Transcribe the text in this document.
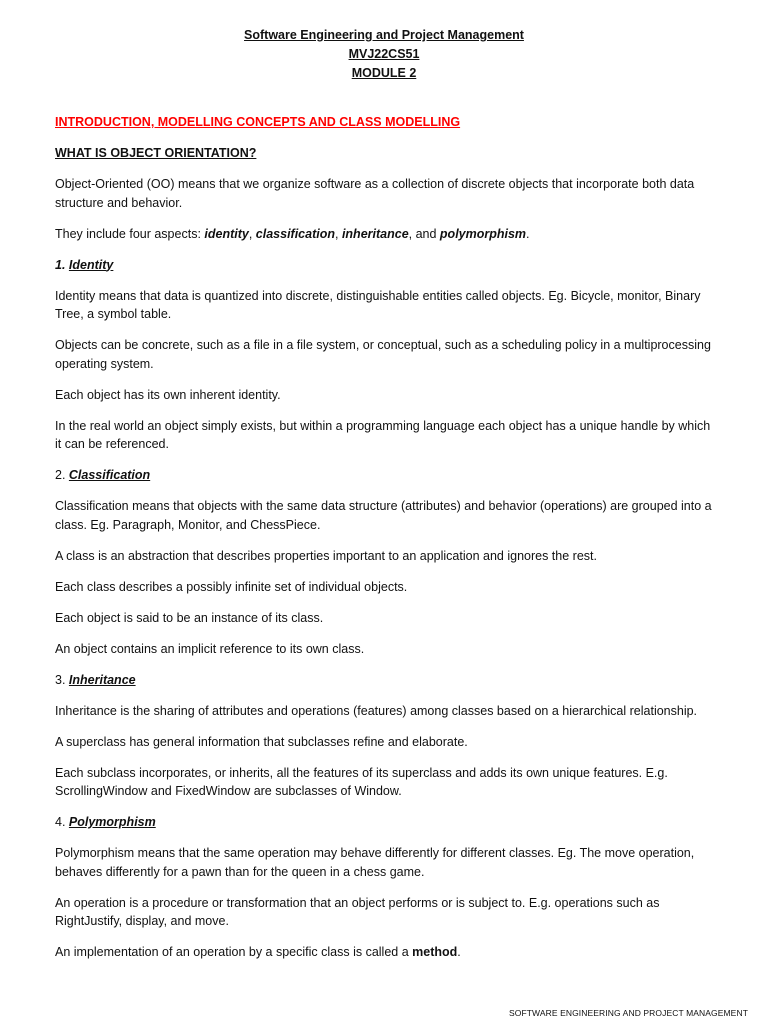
Software Engineering and Project Management
MVJ22CS51
MODULE 2

INTRODUCTION, MODELLING CONCEPTS AND CLASS MODELLING

WHAT IS OBJECT ORIENTATION?

Object-Oriented (OO) means that we organize software as a collection of discrete objects that incorporate both data structure and behavior.

They include four aspects: identity, classification, inheritance, and polymorphism.

1. Identity

Identity means that data is quantized into discrete, distinguishable entities called objects. Eg. Bicycle, monitor, Binary Tree, a symbol table.

Objects can be concrete, such as a file in a file system, or conceptual, such as a scheduling policy in a multiprocessing operating system.

Each object has its own inherent identity.

In the real world an object simply exists, but within a programming language each object has a unique handle by which it can be referenced.

2. Classification

Classification means that objects with the same data structure (attributes) and behavior (operations) are grouped into a class. Eg. Paragraph, Monitor, and ChessPiece.

A class is an abstraction that describes properties important to an application and ignores the rest.

Each class describes a possibly infinite set of individual objects.

Each object is said to be an instance of its class.

An object contains an implicit reference to its own class.

3. Inheritance

Inheritance is the sharing of attributes and operations (features) among classes based on a hierarchical relationship.

A superclass has general information that subclasses refine and elaborate.

Each subclass incorporates, or inherits, all the features of its superclass and adds its own unique features. E.g. ScrollingWindow and FixedWindow are subclasses of Window.

4. Polymorphism

Polymorphism means that the same operation may behave differently for different classes. Eg. The move operation, behaves differently for a pawn than for the queen in a chess game.

An operation is a procedure or transformation that an object performs or is subject to. E.g. operations such as RightJustify, display, and move.

An implementation of an operation by a specific class is called a method.

SOFTWARE ENGINEERING AND PROJECT MANAGEMENT
